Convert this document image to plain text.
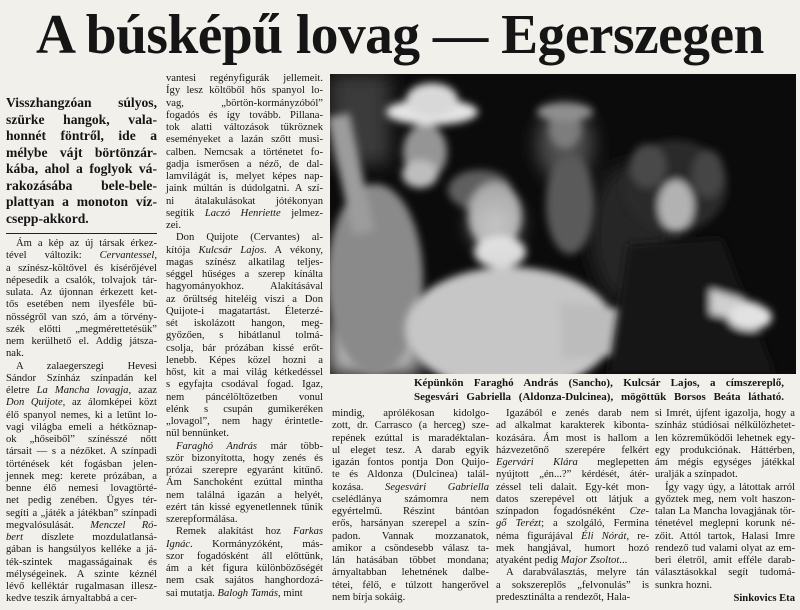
A búsképű lovag — Egerszegen
Visszhangzóan súlyos,
szürke hangok, vala-
honnét föntről, ide a
mélybe vájt börtönzár-
kába, ahol a foglyok vá-
rakozásába bele-bele-
plattyan a monoton víz-
csepp-akkord.
Ám a kép az új társak érkez-
tével változik: Cervantessel,
a színész-költővel és kísérőjével
népesedik a csalók, tolvajok tár-
sulata. Az újonnan érkezett ket-
tős esetében nem ilyesféle bű-
nösségről van szó, ám a törvény-
szék előtti „megmérettetésük”
nem kerülhető el. Addig játsza-
nak.
A zalaegerszegi Hevesi
Sándor Színház színpadán kel
életre La Mancha lovagja, azaz
Don Quijote, az álomképei közt
élő spanyol nemes, ki a letűnt lo-
vagi világba emeli a hétköznap-
ok „hőseiből” színésszé nőtt
társait — s a nézőket. A színpadi
történések két fogásban jelen-
jennek meg: kerete prózában, a
benne élő nemesi lovagtörté-
net pedig zenében. Ügyes tér-
segíti a „játék a játékban” színpadi
megvalósulását. Menczel Ró-
bert díszlete mozdulatlansá-
gában is hangsúlyos kelléke a já-
ték-szintek magasságainak és
mélységeinek. A szinte kéznél
lévő kelléktár rugalmasan illesz-
kedve teszik árnyaltabbá a cer-
vantesi regényfigurák jellemeit.
Így lesz költőből hős spanyol lo-
vag, „börtön-kormányzóból”
fogadós és így tovább. Pillana-
tok alatti változások tükröznek
eseményeket a lazán szőtt musi-
calben. Nemcsak a történetet fo-
gadja ismerősen a néző, de dal-
lamvilágát is, melyet képes nap-
jaink múltán is dúdolgatni. A szí-
ni átalakulásokat jótékonyan
segítik Laczó Henriette jelmez-
zei.
Don Quijote (Cervantes) al-
kítója Kulcsár Lajos. A vékony,
magas színész alkatilag teljes-
séggel hűséges a szerep kínálta
hagyományokhoz. Alakításával
az őrültség hiteléig viszi a Don
Quijote-i magatartást. Életerzé-
sét iskolázott hangon, meg-
győzően, s hibátlanul tolmá-
csolja, bár prózában kissé erőt-
lenebb. Képes közel hozni a
hőst, kit a mai világ kétkedéssel
s egyfajta csodával fogad. Igaz,
nem páncélöltözetben vonul
elénk s csupán gumikeréken
„lovagol”, nem hagy érintetle-
nül bennünket.
Faraghó András már több-
ször bizonyította, hogy zenés és
prózai szerepre egyaránt kitűnő.
Ám Sanchoként ezúttal mintha
nem találná igazán a helyét,
ezért tán kissé egyenetlennek tűnik
szerepformálása.
Remek alakítást hoz Farkas
Ignác. Kormányzóként, más-
szor fogadósként áll előttünk,
ám a két figura különbözőségét
nem csak sajátos hanghordozá-
sai mutatja. Balogh Tamás, mint
Képünkön Faraghó András (Sancho), Kulcsár Lajos, a címszereplő,
Segesvári Gabriella (Aldonza-Dulcinea), mögöttük Borsos Beáta látható.
mindig, aprólékosan kidolgo-
zott, dr. Carrasco (a herceg) sze-
repének ezúttal is maradéktalan-
ul eleget tesz. A darab egyik
igazán fontos pontja Don Quijo-
te és Aldonza (Dulcinea) talál-
kozása. Segesvári Gabriella
cselédlánya számomra nem
egyértelmű. Részint bántóan
erős, harsányan szerepel a szín-
padon. Vannak mozzanatok,
amikor a csöndesebb válasz ta-
lán hatásában többet mondana;
árnyaltabban lehetnének dalbe-
tétei, félő, e túlzott hangerővel
nem bírja sokáig.
Igazából e zenés darab nem
ad alkalmat karakterek kibonta-
kozására. Ám most is hallom a
házvezetőnő szerepére felkért
Egervári Klára meglepetten
nyújtott „én...?” kérdését, átér-
zéssel teli dalait. Egy-két mon-
datos szerepével ott látjuk a
színpadon fogadósnéként Cze-
gő Terézt; a szolgáló, Fermina
néma figurájával Éli Nórát, re-
mek hangjával, humort hozó
atyaként pedig Major Zsoltot...
A darabválasztás, melyre tán
a sokszereplős „felvonulás” is
predesztinálta a rendezőt, Hala-
si Imrét, újfent igazolja, hogy a
színház stúdiósai nélkülözhetet-
len közreműködői lehetnek egy-
egy produkciónak. Háttérben,
ám mégis egységes játékkal
uralják a színpadot.
Így vagy úgy, a látottak arról
győztek meg, nem volt haszon-
talan La Mancha lovagjának tör-
ténetével meglepni korunk né-
zőit. Attól tartok, Halasi Imre
rendező tud valami olyat az em-
beri életről, amit efféle darab-
választásokkal segít tudomá-
sunkra hozni.
Sinkovics Eta
